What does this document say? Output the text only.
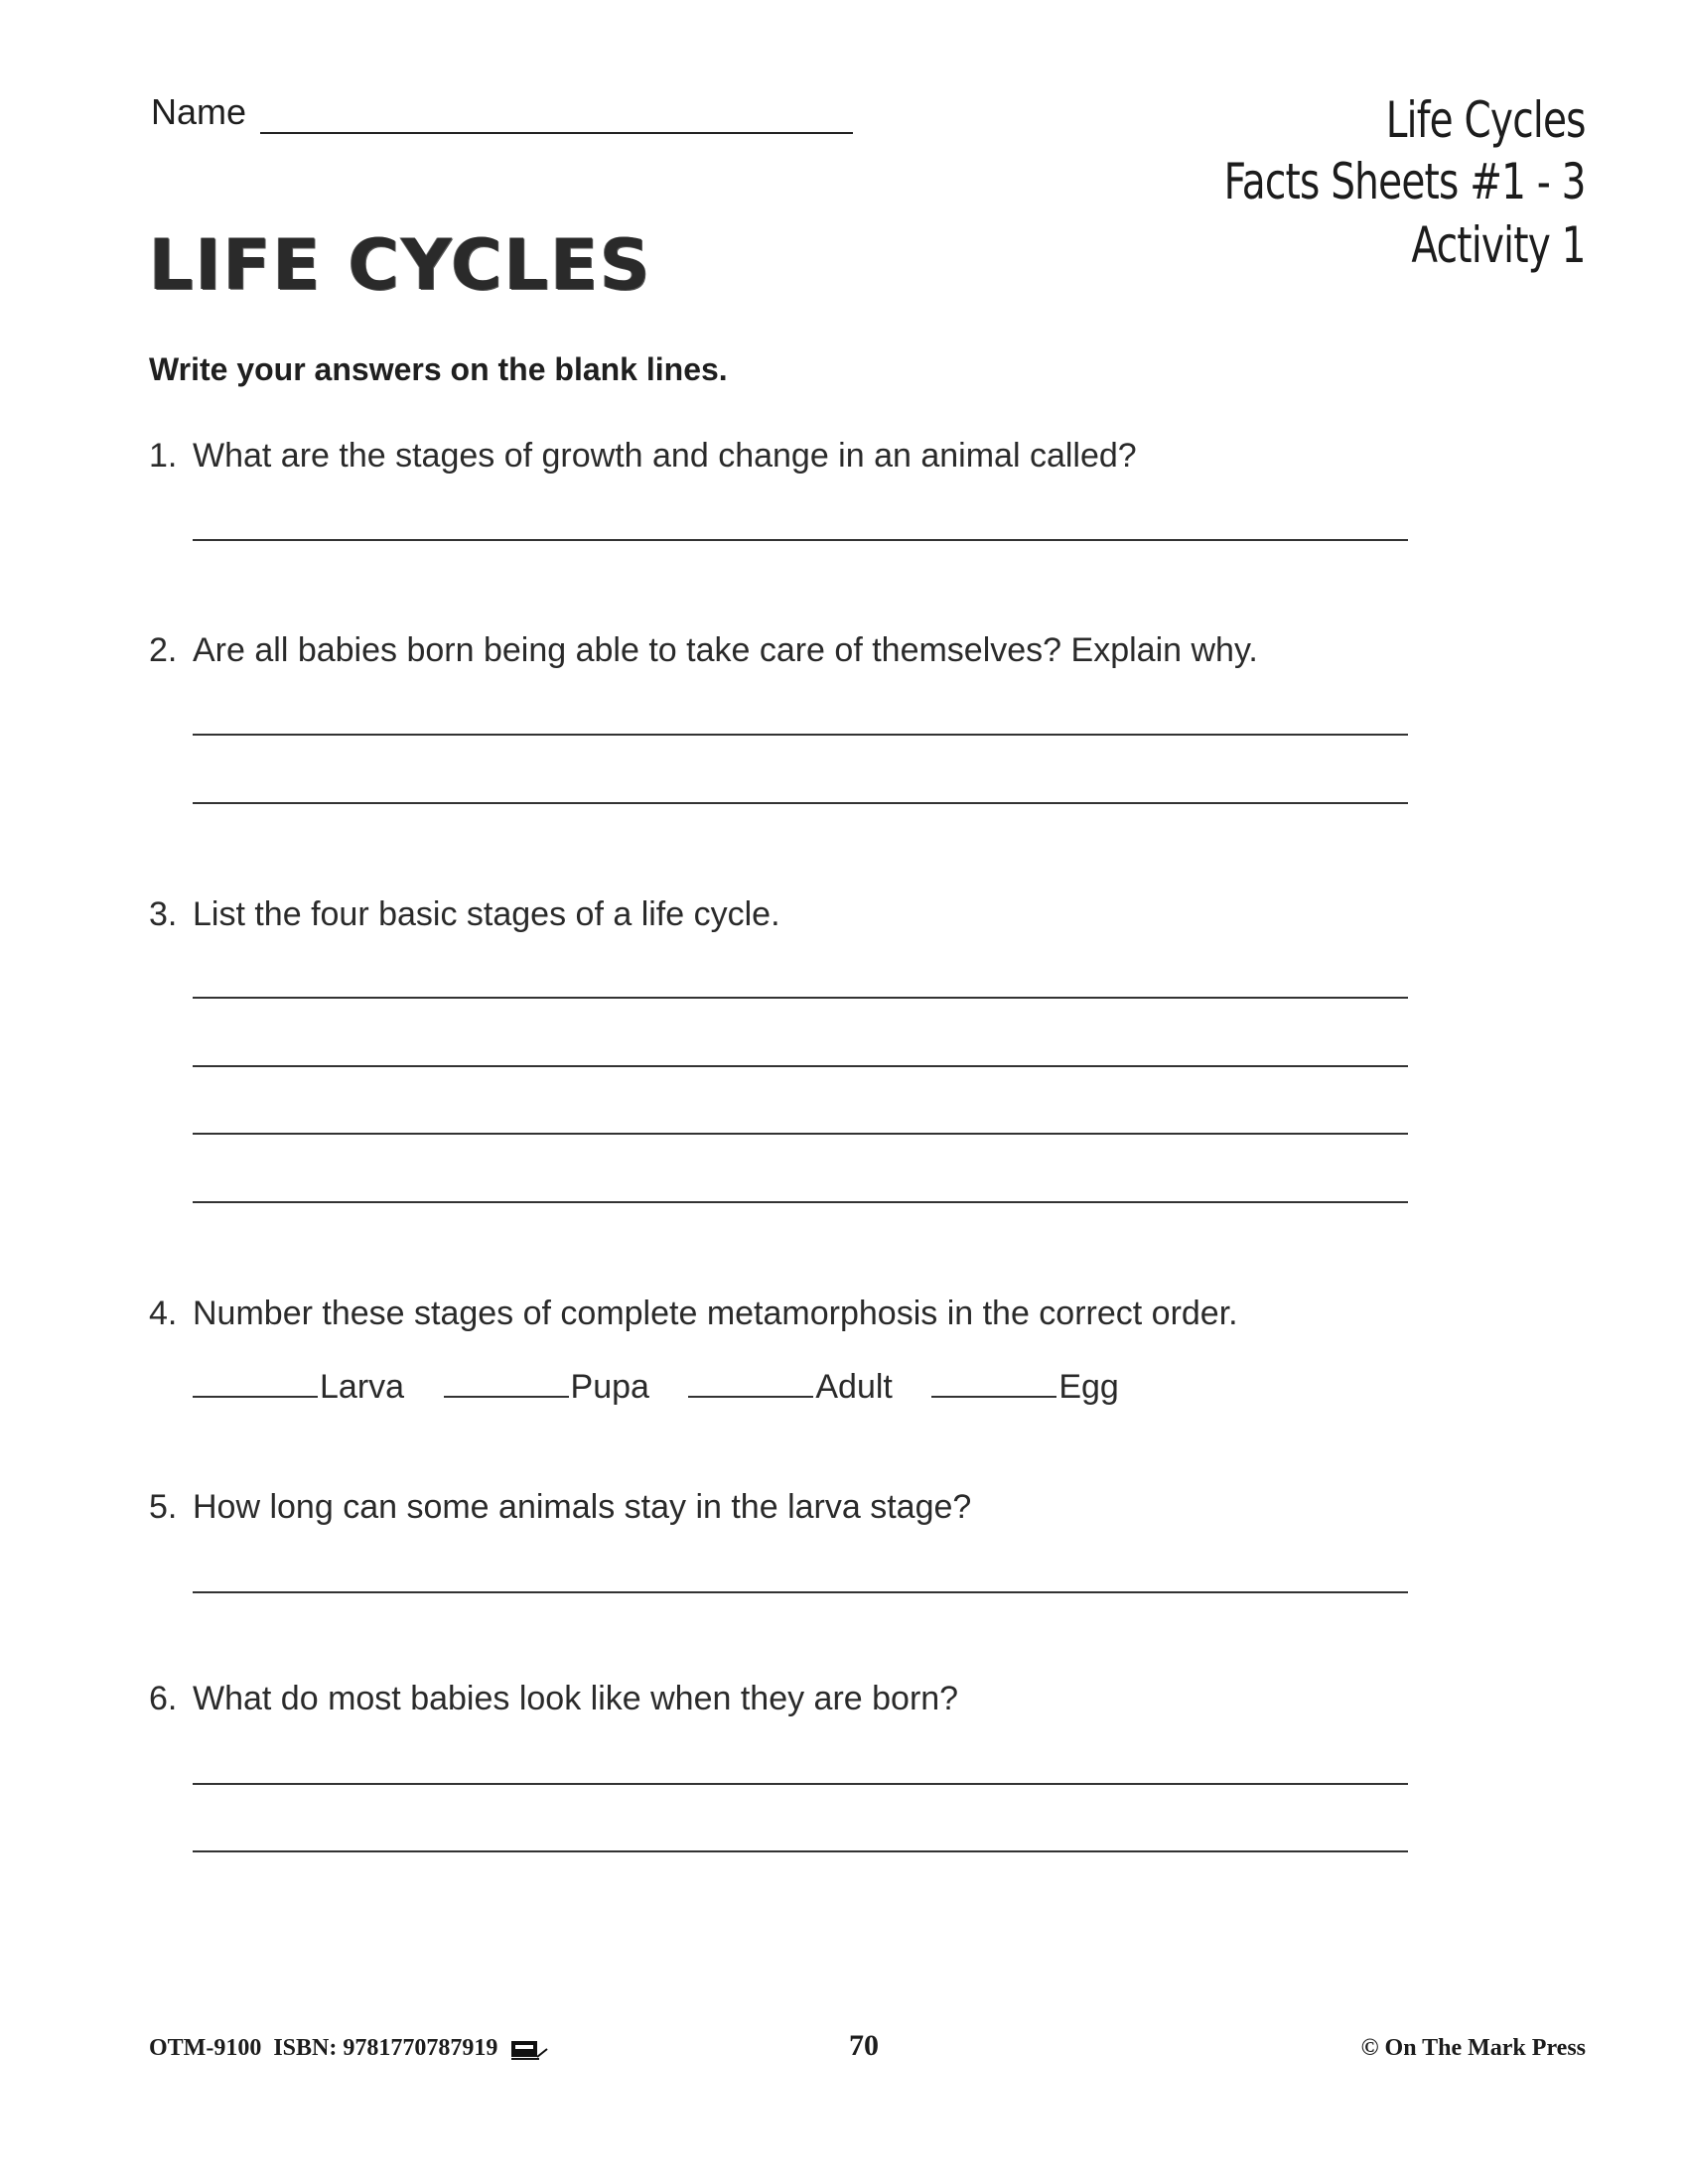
Name	Life Cycles
Facts Sheets #1 - 3
Activity 1
LIFE CYCLES
Write your answers on the blank lines.
1. What are the stages of growth and change in an animal called?
2. Are all babies born being able to take care of themselves? Explain why.
3. List the four basic stages of a life cycle.
4. Number these stages of complete metamorphosis in the correct order.
Larva	Pupa	Adult	Egg
5. How long can some animals stay in the larva stage?
6. What do most babies look like when they are born?
OTM-9100  ISBN: 9781770787919	70	© On The Mark Press
